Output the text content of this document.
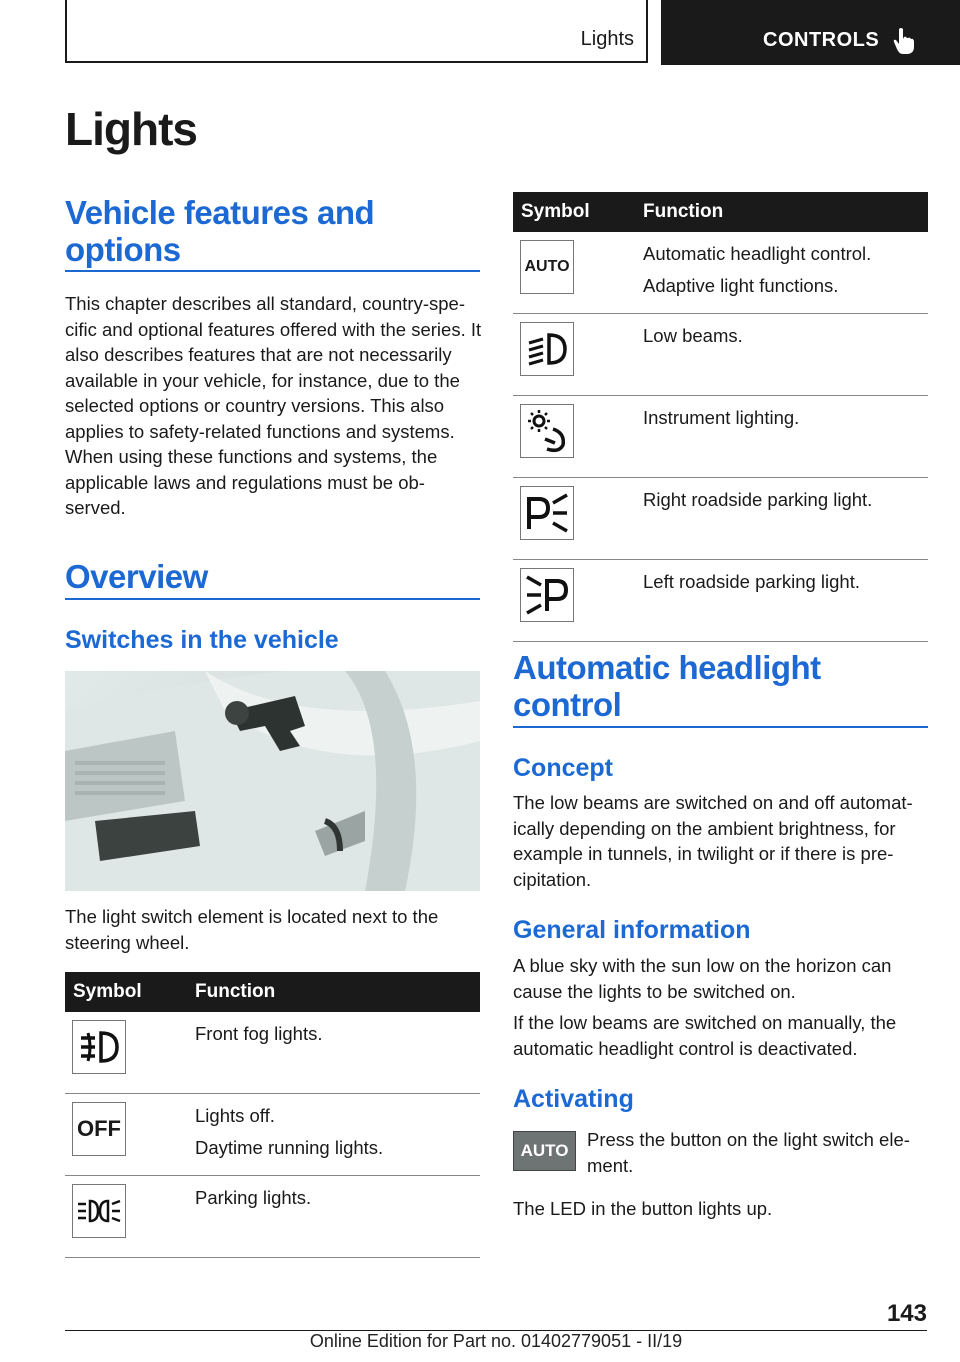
Lights	CONTROLS
Lights
Vehicle features and options

This chapter describes all standard, country-spe- cific and optional features offered with the series. It also describes features that are not necessarily available in your vehicle, for instance, due to the selected options or country versions. This also applies to safety-related functions and systems. When using these functions and systems, the applicable laws and regulations must be ob- served.

Overview
Switches in the vehicle

The light switch element is located next to the steering wheel.

Symbol	Function

Front fog lights.

OFF	Lights off.
Daytime running lights.

Parking lights.
Symbol	Function

AUTO	Automatic headlight control.
Adaptive light functions.

Low beams.

Instrument lighting.

Right roadside parking light.

Left roadside parking light.
Automatic headlight control
Concept

The low beams are switched on and off automat- ically depending on the ambient brightness, for example in tunnels, in twilight or if there is pre- cipitation.

General information

A blue sky with the sun low on the horizon can cause the lights to be switched on.

If the low beams are switched on manually, the automatic headlight control is deactivated.

Activating
AUTO

Press the button on the light switch ele- ment.

The LED in the button lights up.

143
Online Edition for Part no. 01402779051 - II/19
